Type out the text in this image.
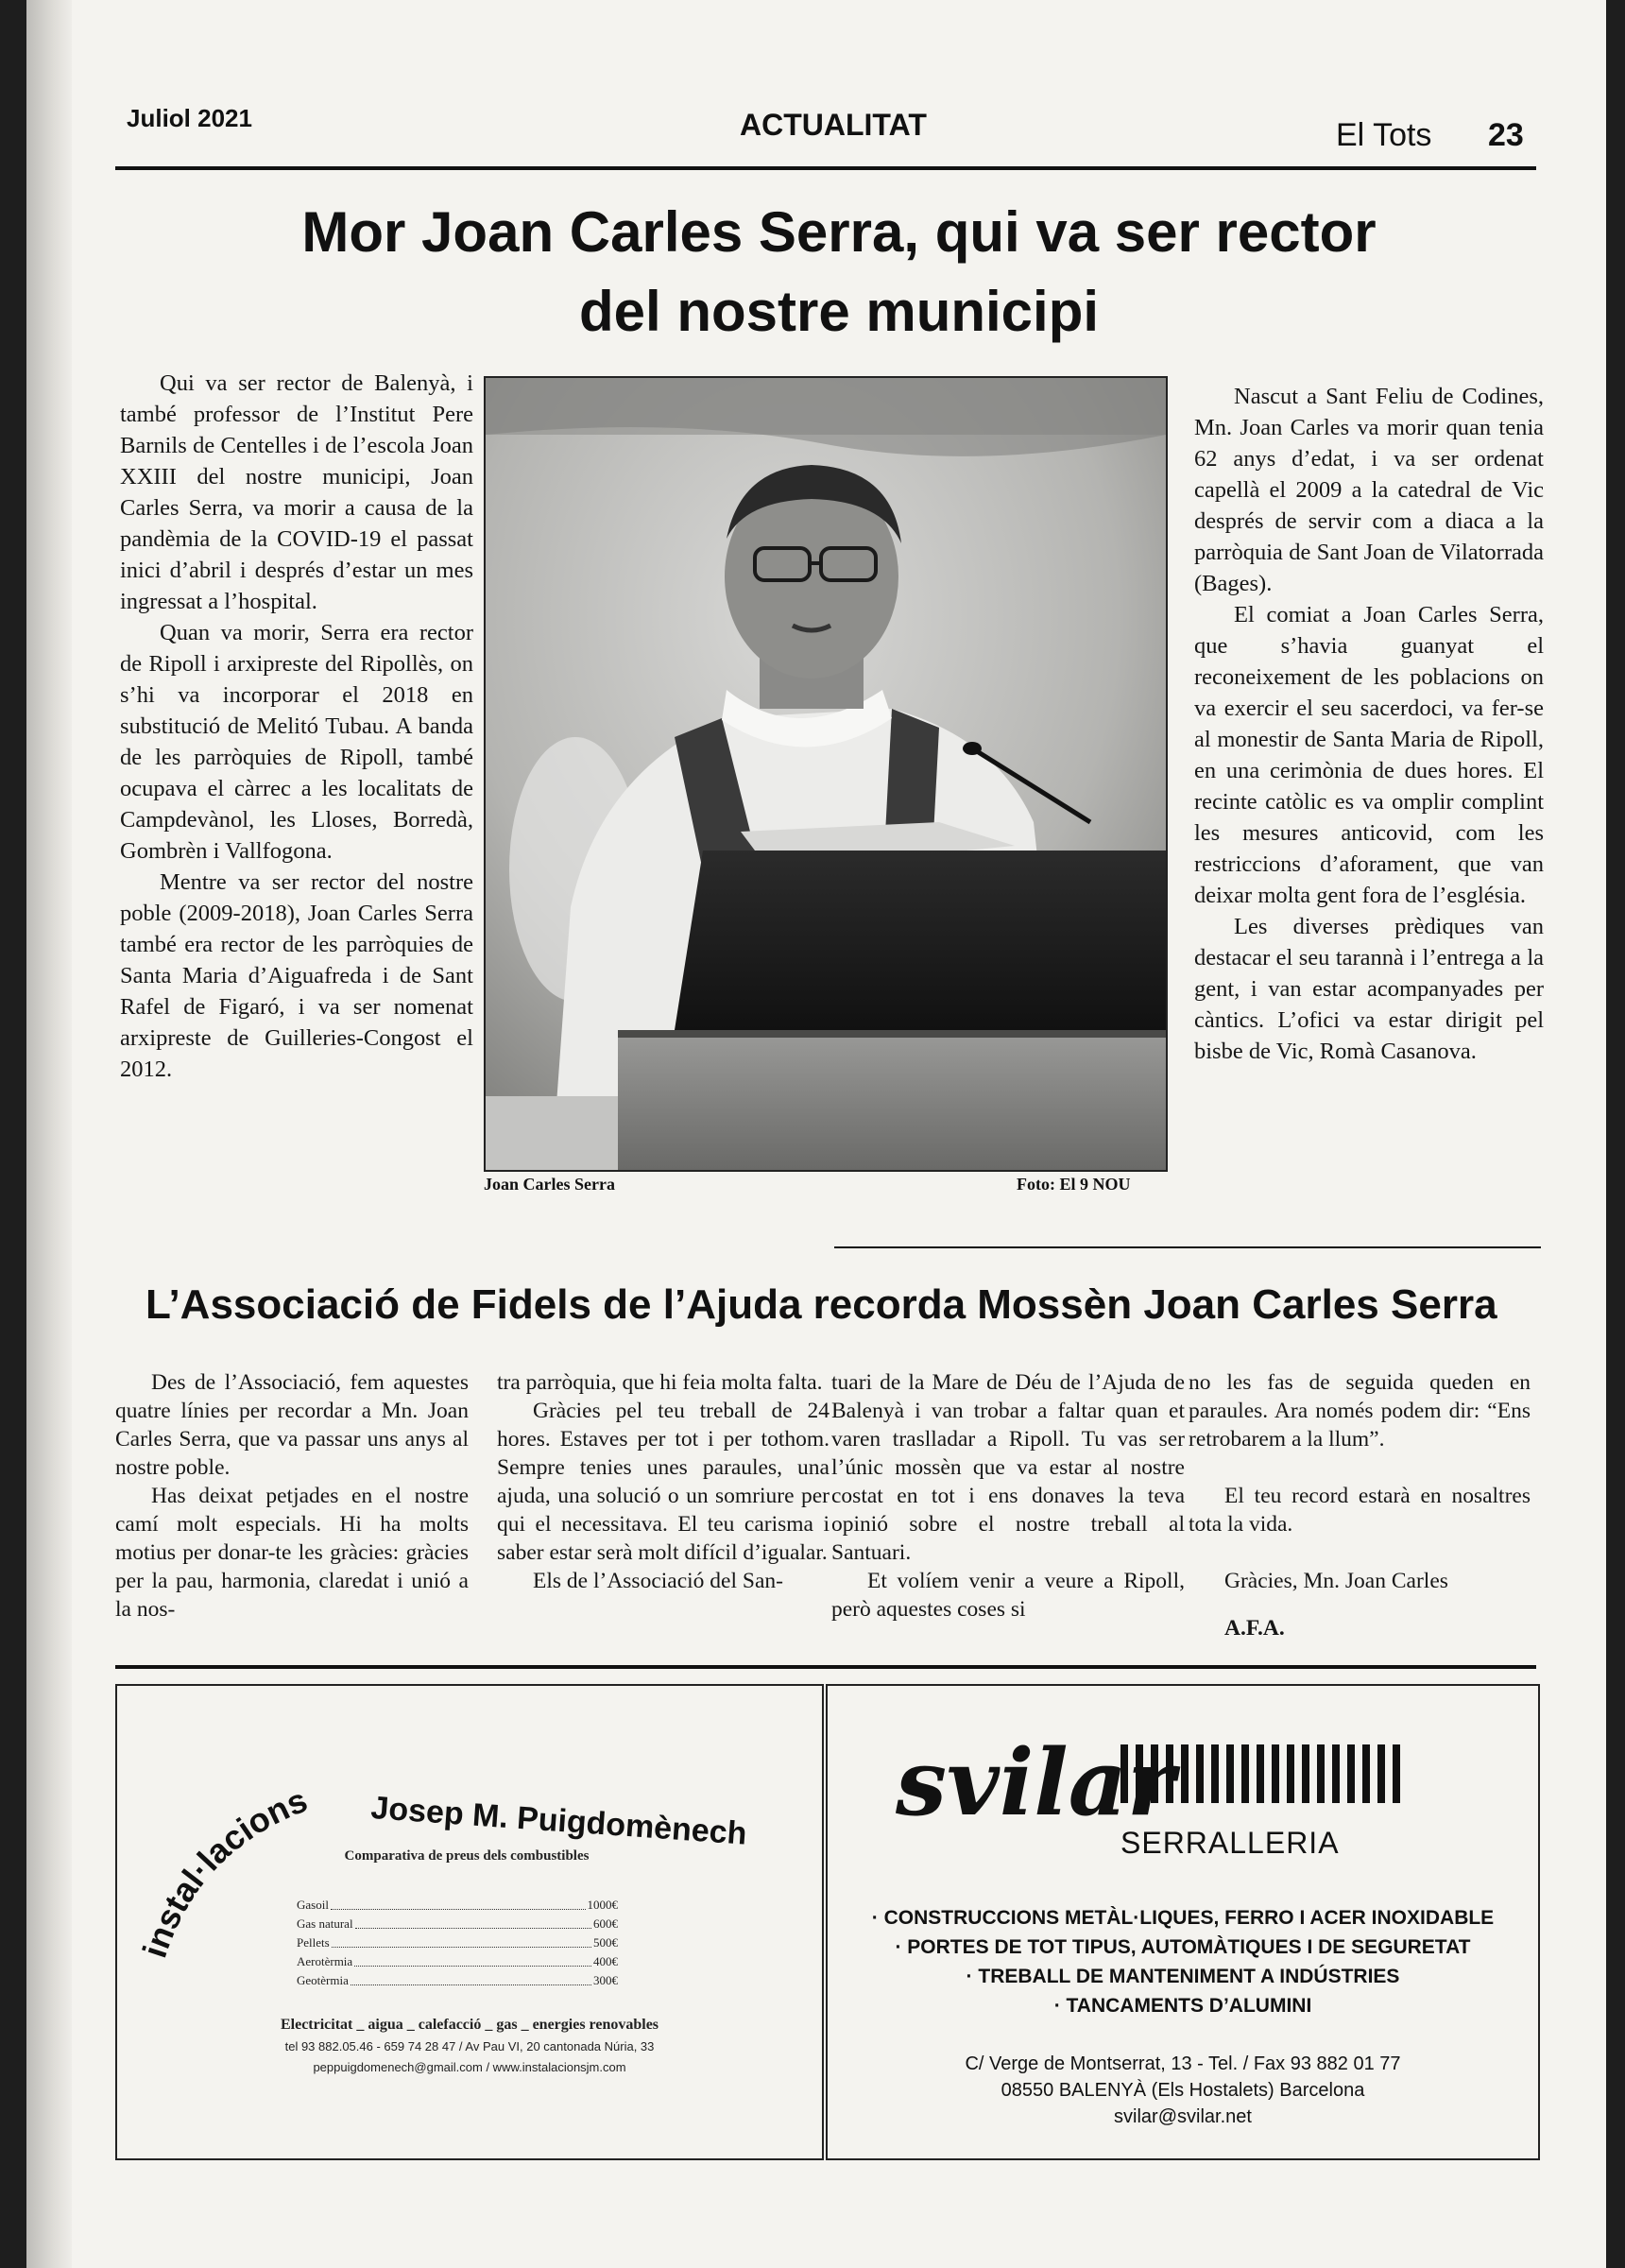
Juliol 2021	ACTUALITAT	El Tots 23
Mor Joan Carles Serra, qui va ser rector
del nostre municipi

Qui va ser rector de Balenyà, i també professor de l’Institut Pere Barnils de Centelles i de l’escola Joan XXIII del nostre municipi, Joan Carles Serra, va morir a causa de la pandèmia de la COVID-19 el passat inici d’abril i després d’estar un mes ingressat a l’hospital.

Quan va morir, Serra era rector de Ripoll i arxipreste del Ripollès, on s’hi va incorporar el 2018 en substitució de Melitó Tubau. A banda de les parròquies de Ripoll, també ocupava el càrrec a les localitats de Campdevànol, les Lloses, Borredà, Gombrèn i Vallfogona.

Mentre va ser rector del nostre poble (2009-2018), Joan Carles Serra també era rector de les parròquies de Santa Maria d’Aiguafreda i de Sant Rafel de Figaró, i va ser nomenat arxipreste de Guilleries-Congost el 2012.

Joan Carles Serra	Foto: El 9 NOU

Nascut a Sant Feliu de Codines, Mn. Joan Carles va morir quan tenia 62 anys d’edat, i va ser ordenat capellà el 2009 a la catedral de Vic després de servir com a diaca a la parròquia de Sant Joan de Vilatorrada (Bages).

El comiat a Joan Carles Serra, que s’havia guanyat el reconeixement de les poblacions on va exercir el seu sacerdoci, va fer-se al monestir de Santa Maria de Ripoll, en una cerimònia de dues hores. El recinte catòlic es va omplir complint les mesures anticovid, com les restriccions d’aforament, que van deixar molta gent fora de l’església.

Les diverses prèdiques van destacar el seu tarannà i l’entrega a la gent, i van estar acompanyades per càntics. L’ofici va estar dirigit pel bisbe de Vic, Romà Casanova.

L’Associació de Fidels de l’Ajuda recorda Mossèn Joan Carles Serra

Des de l’Associació, fem aquestes quatre línies per recordar a Mn. Joan Carles Serra, que va passar uns anys al nostre poble.

Has deixat petjades en el nostre camí molt especials. Hi ha molts motius per donar-te les gràcies: gràcies per la pau, harmonia, claredat i unió a la nos-

tra parròquia, que hi feia molta falta.

Gràcies pel teu treball de 24 hores. Estaves per tot i per tothom. Sempre tenies unes paraules, una ajuda, una solució o un somriure per qui el necessitava. El teu carisma i saber estar serà molt difícil d’igualar.

Els de l’Associació del San-

tuari de la Mare de Déu de l’Ajuda de Balenyà i van trobar a faltar quan et varen traslladar a Ripoll. Tu vas ser l’únic mossèn que va estar al nostre costat en tot i ens donaves la teva opinió sobre el nostre treball al Santuari.

Et volíem venir a veure a Ripoll, però aquestes coses si

no les fas de seguida queden en paraules. Ara només podem dir: “Ens retrobarem a la llum”.

El teu record estarà en nosaltres tota la vida.

Gràcies, Mn. Joan Carles

A.F.A.
instal·lacions Josep M. Puigdomènech
Comparativa de preus dels combustibles
Gasoil	1000€
Gas natural	600€
Pellets	500€
Aerotèrmia	400€
Geotèrmia	300€
Electricitat _ aigua _ calefacció _ gas _ energies renovables
tel 93 882.05.46 - 659 74 28 47 / Av Pau VI, 20 cantonada Núria, 33
peppuigdomenech@gmail.com / www.instalacionsjm.com
svilar
SERRALLERIA
· CONSTRUCCIONS METÀL·LIQUES, FERRO I ACER INOXIDABLE
· PORTES DE TOT TIPUS, AUTOMÀTIQUES I DE SEGURETAT
· TREBALL DE MANTENIMENT A INDÚSTRIES
· TANCAMENTS D’ALUMINI
C/ Verge de Montserrat, 13 - Tel. / Fax 93 882 01 77
08550 BALENYÀ (Els Hostalets) Barcelona
svilar@svilar.net
